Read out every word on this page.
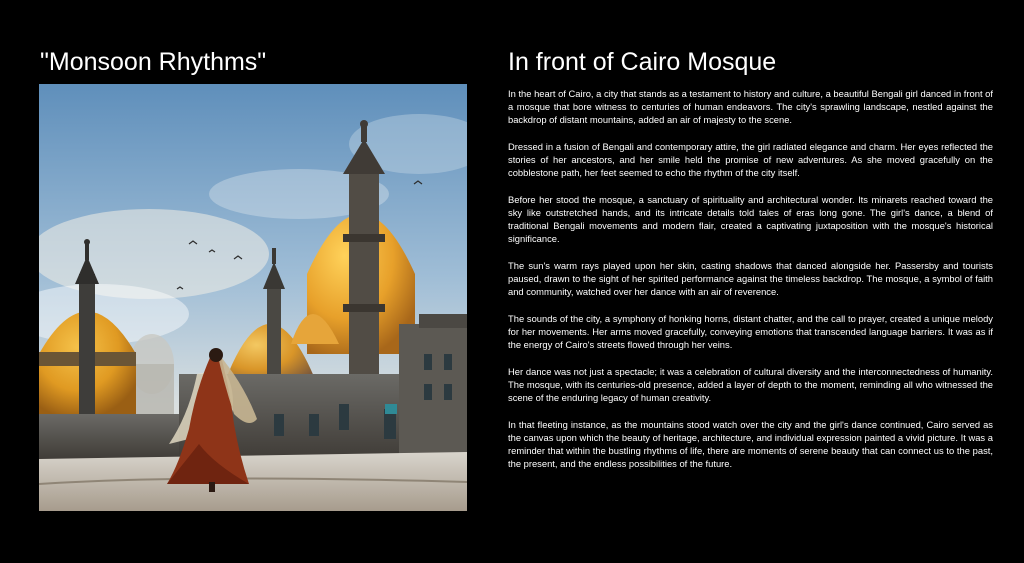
"Monsoon Rhythms"	In front of Cairo Mosque

In the heart of Cairo, a city that stands as a testament to history and culture, a beautiful Bengali girl danced in front of a mosque that bore witness to centuries of human endeavors. The city's sprawling landscape, nestled against the backdrop of distant mountains, added an air of majesty to the scene.

Dressed in a fusion of Bengali and contemporary attire, the girl radiated elegance and charm. Her eyes reflected the stories of her ancestors, and her smile held the promise of new adventures. As she moved gracefully on the cobblestone path, her feet seemed to echo the rhythm of the city itself.

Before her stood the mosque, a sanctuary of spirituality and architectural wonder. Its minarets reached toward the sky like outstretched hands, and its intricate details told tales of eras long gone. The girl's dance, a blend of traditional Bengali movements and modern flair, created a captivating juxtaposition with the mosque's historical significance.

The sun's warm rays played upon her skin, casting shadows that danced alongside her. Passersby and tourists paused, drawn to the sight of her spirited performance against the timeless backdrop. The mosque, a symbol of faith and community, watched over her dance with an air of reverence.

The sounds of the city, a symphony of honking horns, distant chatter, and the call to prayer, created a unique melody for her movements. Her arms moved gracefully, conveying emotions that transcended language barriers. It was as if the energy of Cairo's streets flowed through her veins.

Her dance was not just a spectacle; it was a celebration of cultural diversity and the interconnectedness of humanity. The mosque, with its centuries-old presence, added a layer of depth to the moment, reminding all who witnessed the scene of the enduring legacy of human creativity.

In that fleeting instance, as the mountains stood watch over the city and the girl's dance continued, Cairo served as the canvas upon which the beauty of heritage, architecture, and individual expression painted a vivid picture. It was a reminder that within the bustling rhythms of life, there are moments of serene beauty that can connect us to the past, the present, and the endless possibilities of the future.
